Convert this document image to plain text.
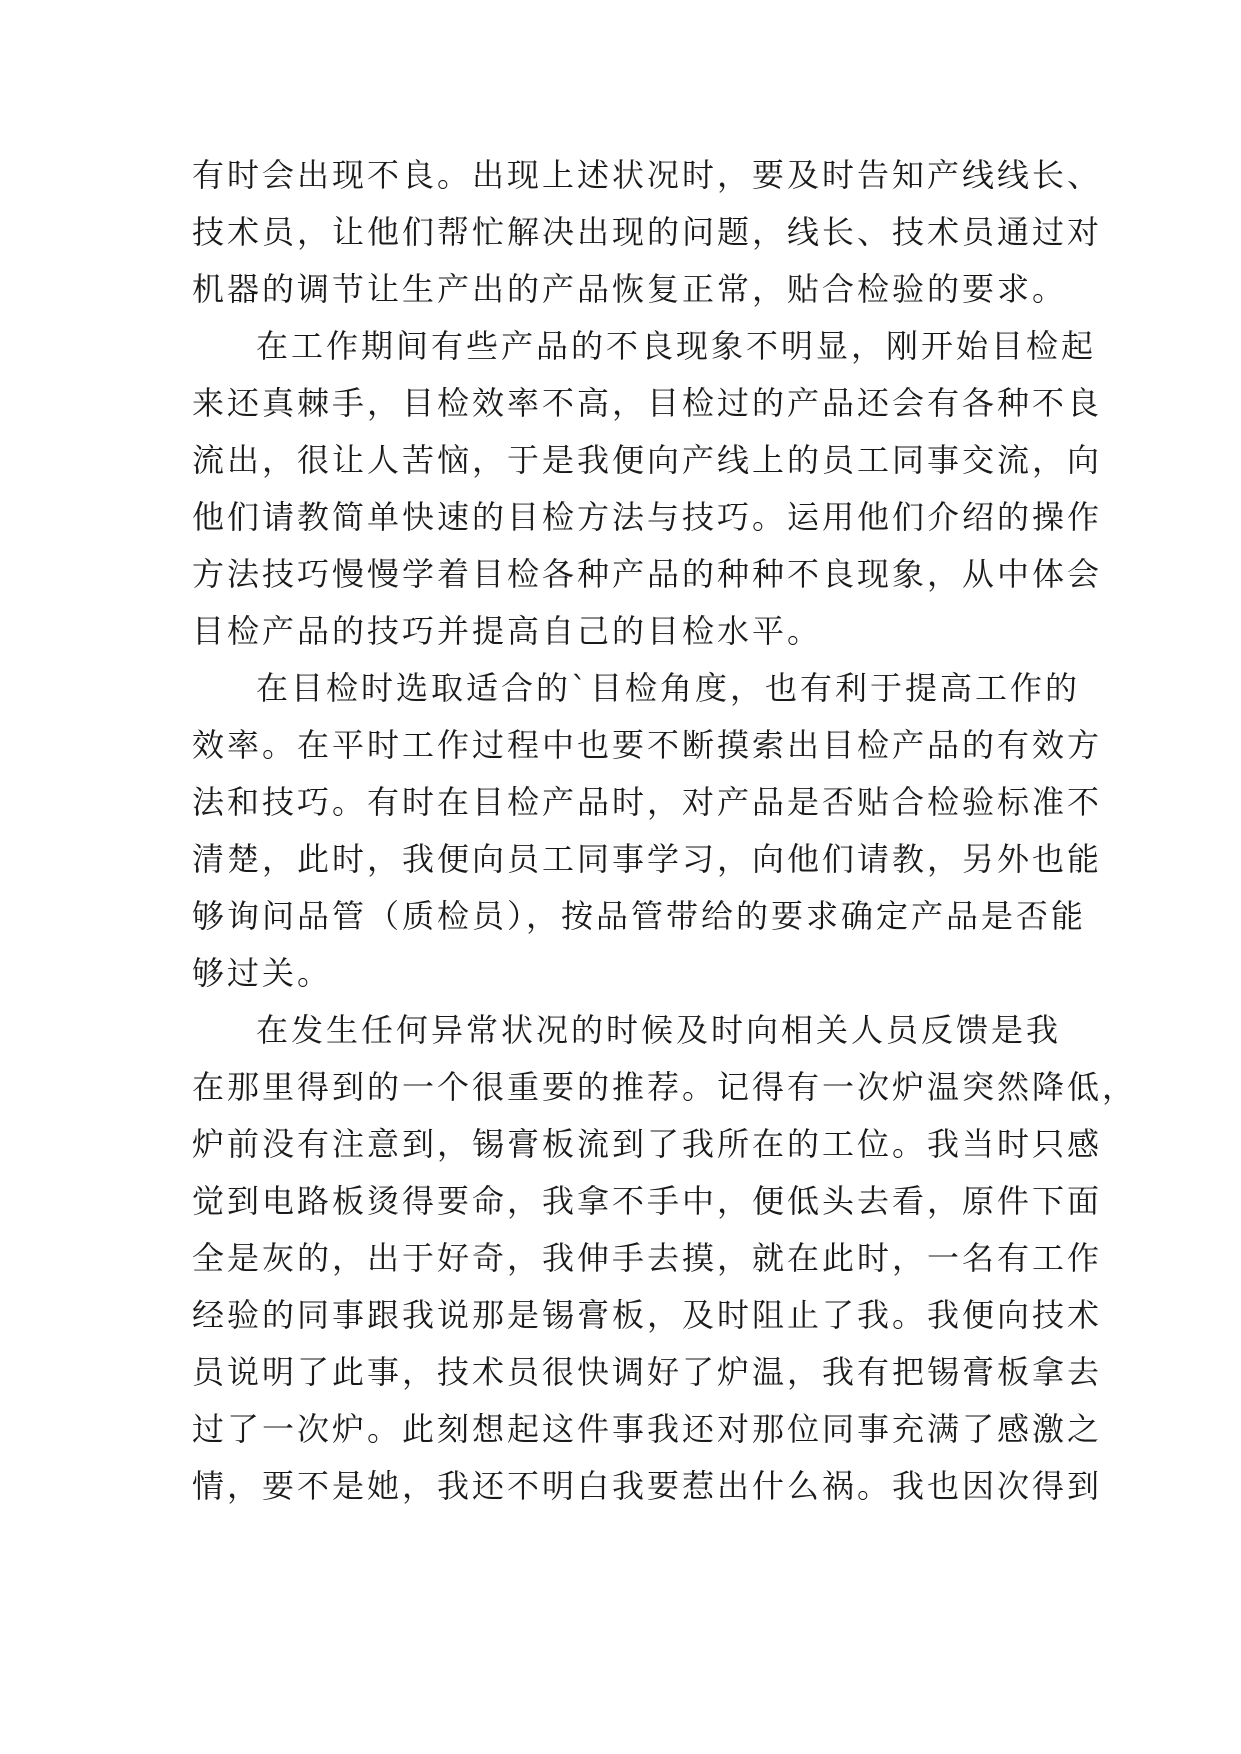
有时会出现不良。出现上述状况时，要及时告知产线线长、
技术员，让他们帮忙解决出现的问题，线长、技术员通过对
机器的调节让生产出的产品恢复正常，贴合检验的要求。
在工作期间有些产品的不良现象不明显，刚开始目检起
来还真棘手，目检效率不高，目检过的产品还会有各种不良
流出，很让人苦恼，于是我便向产线上的员工同事交流，向
他们请教简单快速的目检方法与技巧。运用他们介绍的操作
方法技巧慢慢学着目检各种产品的种种不良现象，从中体会
目检产品的技巧并提高自己的目检水平。
在目检时选取适合的`目检角度，也有利于提高工作的
效率。在平时工作过程中也要不断摸索出目检产品的有效方
法和技巧。有时在目检产品时，对产品是否贴合检验标准不
清楚，此时，我便向员工同事学习，向他们请教，另外也能
够询问品管（质检员），按品管带给的要求确定产品是否能
够过关。
在发生任何异常状况的时候及时向相关人员反馈是我
在那里得到的一个很重要的推荐。记得有一次炉温突然降低，
炉前没有注意到，锡膏板流到了我所在的工位。我当时只感
觉到电路板烫得要命，我拿不手中，便低头去看，原件下面
全是灰的，出于好奇，我伸手去摸，就在此时，一名有工作
经验的同事跟我说那是锡膏板，及时阻止了我。我便向技术
员说明了此事，技术员很快调好了炉温，我有把锡膏板拿去
过了一次炉。此刻想起这件事我还对那位同事充满了感激之
情，要不是她，我还不明白我要惹出什么祸。我也因次得到
